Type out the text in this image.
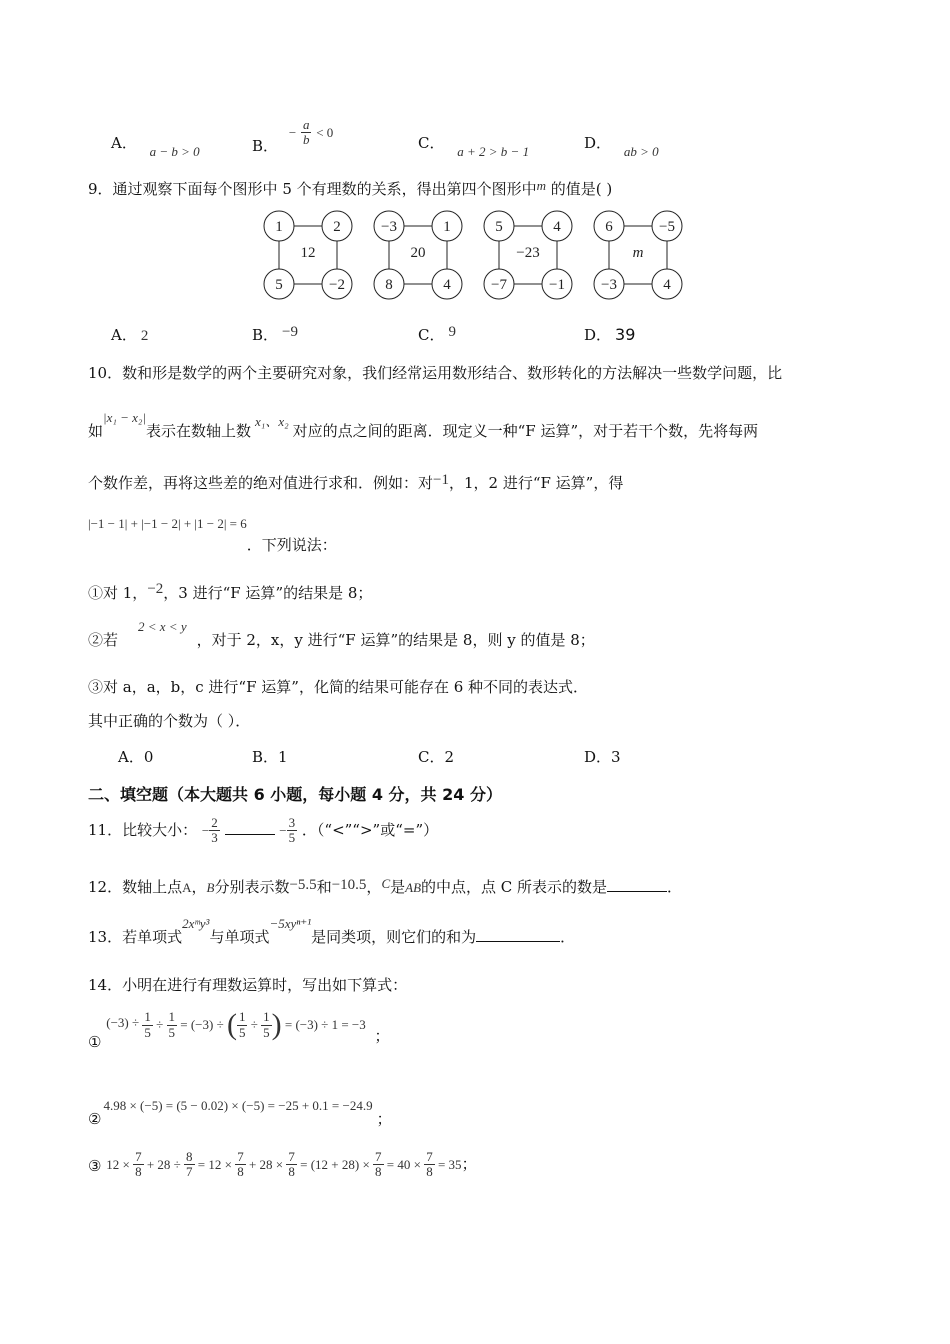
A． a − b > 0	B． − $\frac{a}{b} < 0$
C． a + 2 > b − 1	D． ab > 0
9．通过观察下面每个图形中 5 个有理数的关系，得出第四个图形中m 的值是( )
1	2
5	−2
12
−3	1
8	4
20
5	4
−7	−1
−23
6	−5
−3	4
m
A． 2	B． −9	C． 9	D． 39
10．数和形是数学的两个主要研究对象，我们经常运用数形结合、数形转化的方法解决一些数学问题，比
如|x₁ − x₂|表示在数轴上数x₁、x₂对应的点之间的距离．现定义一种“F 运算”，对于若干个数，先将每两
个数作差，再将这些差的绝对值进行求和．例如：对−1，1，2 进行“F 运算”，得
|−1 − 1| + |−1 − 2| + |1 − 2| = 6．下列说法：
①对 1，−2，3 进行“F 运算”的结果是 8；
②若2 < x < y，对于 2，x，y 进行“F 运算”的结果是 8，则 y 的值是 8；
③对 a，a，b，c 进行“F 运算”，化简的结果可能存在 6 种不同的表达式．
其中正确的个数为（ ）．
A．0	B．1	C．2	D．3
二、填空题（本大题共 6 小题，每小题 4 分，共 24 分）
11．比较大小： − $\frac{2}{3}$	− $\frac{3}{5}$ ．（“<”“>”或“=”）
12．数轴上点A，B分别表示数−5.5和−10.5，C是AB的中点，点 C 所表示的数是	．
13．若单项式2xᵐy³与单项式−5xyⁿ⁺¹是同类项，则它们的和为	．
14．小明在进行有理数运算时，写出如下算式：
① $(-3) \div \frac{1}{5} \div \frac{1}{5} = (-3)$ ÷ ( $\frac{1}{5} \div \frac{1}{5}$ ) = (−3) ÷ 1 = −3 ；
②4.98 × (−5) = (5 − 0.02) × (−5) = −25 + 0.1 = −24.9；
③ $12 \times \frac{7}{8} + 28 \div \frac{8}{7} = 12 \times \frac{7}{8} + 28 \times \frac{7}{8} = (12 + 28) \times \frac{7}{8} = 40 \times \frac{7}{8} = 35$；
